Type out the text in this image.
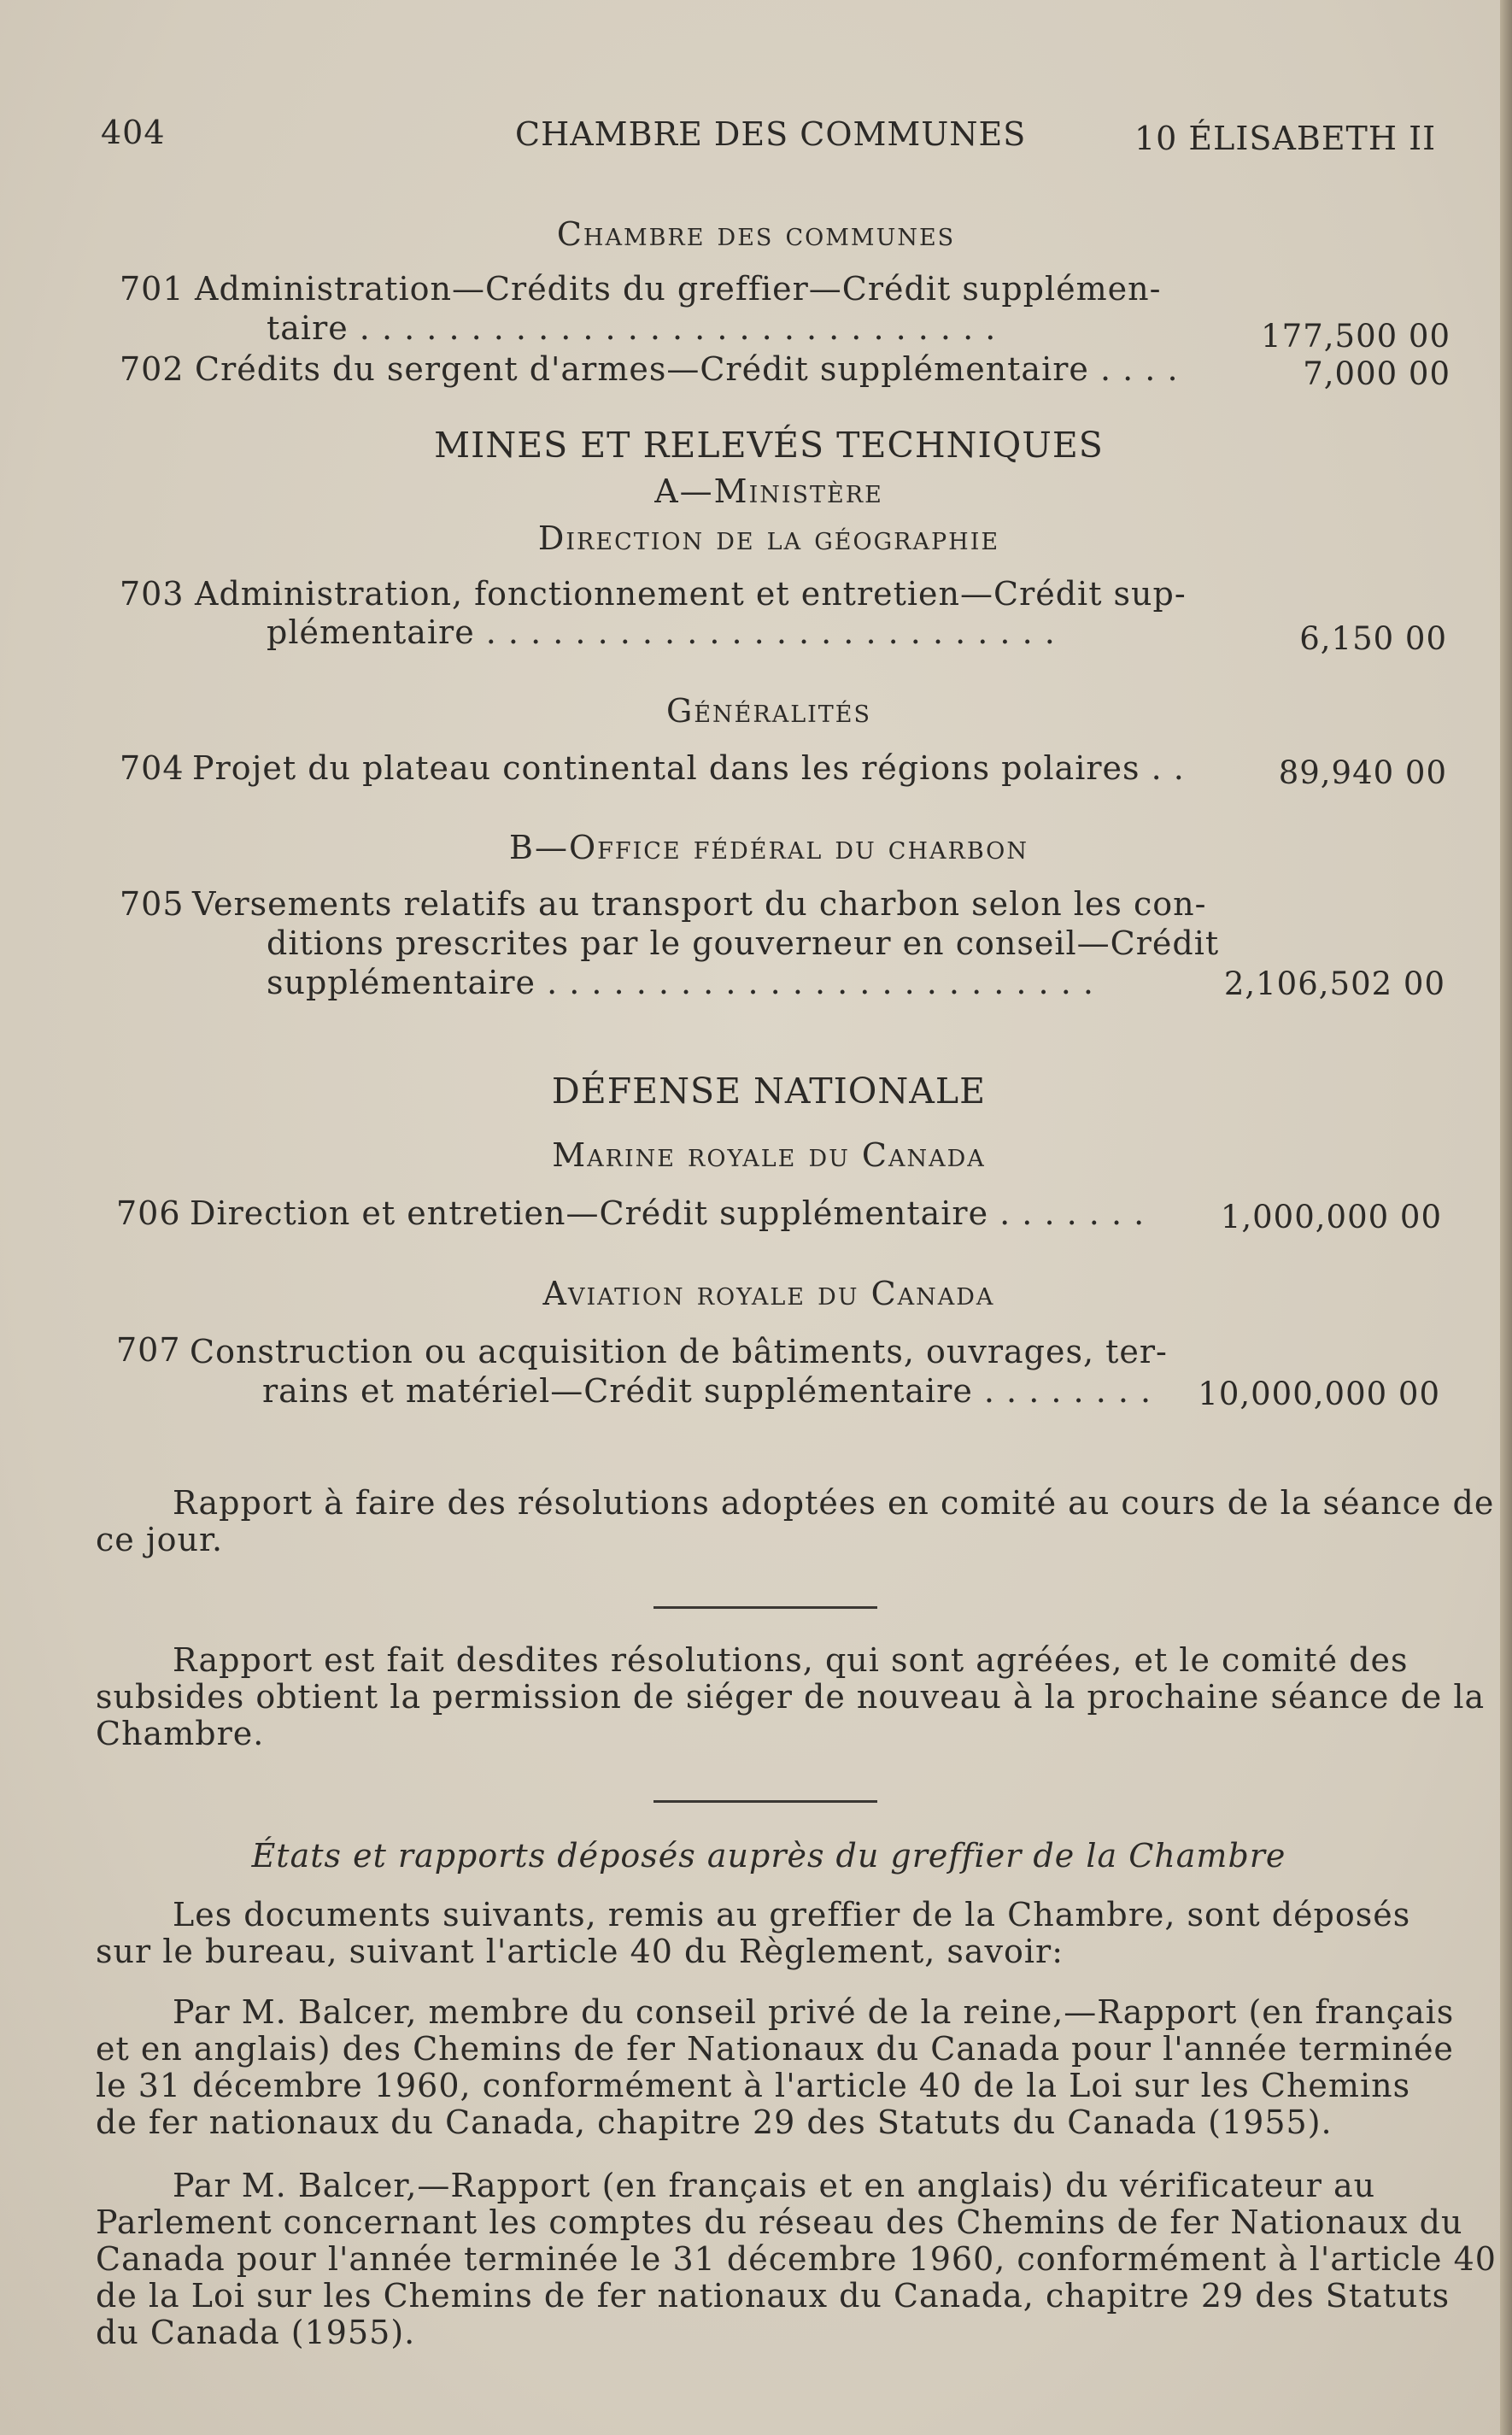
404	CHAMBRE DES COMMUNES	10 ÉLISABETH II
Chambre des communes
701 Administration—Crédits du greffier—Crédit supplémen-
taire . . . . . . . . . . . . . . . . . . . . . . . . . . . . .	177,500 00
702 Crédits du sergent d'armes—Crédit supplémentaire . . . .	7,000 00
MINES ET RELEVÉS TECHNIQUES
A—Ministère
Direction de la géographie
703 Administration, fonctionnement et entretien—Crédit sup-
plémentaire . . . . . . . . . . . . . . . . . . . . . . . . . .	6,150 00
Généralités
704 Projet du plateau continental dans les régions polaires . .	89,940 00
B—Office fédéral du charbon
705 Versements relatifs au transport du charbon selon les con-
ditions prescrites par le gouverneur en conseil—Crédit
supplémentaire . . . . . . . . . . . . . . . . . . . . . . . . .	2,106,502 00
DÉFENSE NATIONALE
Marine royale du Canada
706 Direction et entretien—Crédit supplémentaire . . . . . . . 1,000,000 00
Aviation royale du Canada
707 Construction ou acquisition de bâtiments, ouvrages, ter-
rains et matériel—Crédit supplémentaire . . . . . . . . 10,000,000 00
Rapport à faire des résolutions adoptées en comité au cours de la séance de
ce jour.
Rapport est fait desdites résolutions, qui sont agréées, et le comité des
subsides obtient la permission de siéger de nouveau à la prochaine séance de la
Chambre.
États et rapports déposés auprès du greffier de la Chambre
Les documents suivants, remis au greffier de la Chambre, sont déposés
sur le bureau, suivant l'article 40 du Règlement, savoir:
Par M. Balcer, membre du conseil privé de la reine,—Rapport (en français
et en anglais) des Chemins de fer Nationaux du Canada pour l'année terminée
le 31 décembre 1960, conformément à l'article 40 de la Loi sur les Chemins
de fer nationaux du Canada, chapitre 29 des Statuts du Canada (1955).
Par M. Balcer,—Rapport (en français et en anglais) du vérificateur au
Parlement concernant les comptes du réseau des Chemins de fer Nationaux du
Canada pour l'année terminée le 31 décembre 1960, conformément à l'article 40
de la Loi sur les Chemins de fer nationaux du Canada, chapitre 29 des Statuts
du Canada (1955).
